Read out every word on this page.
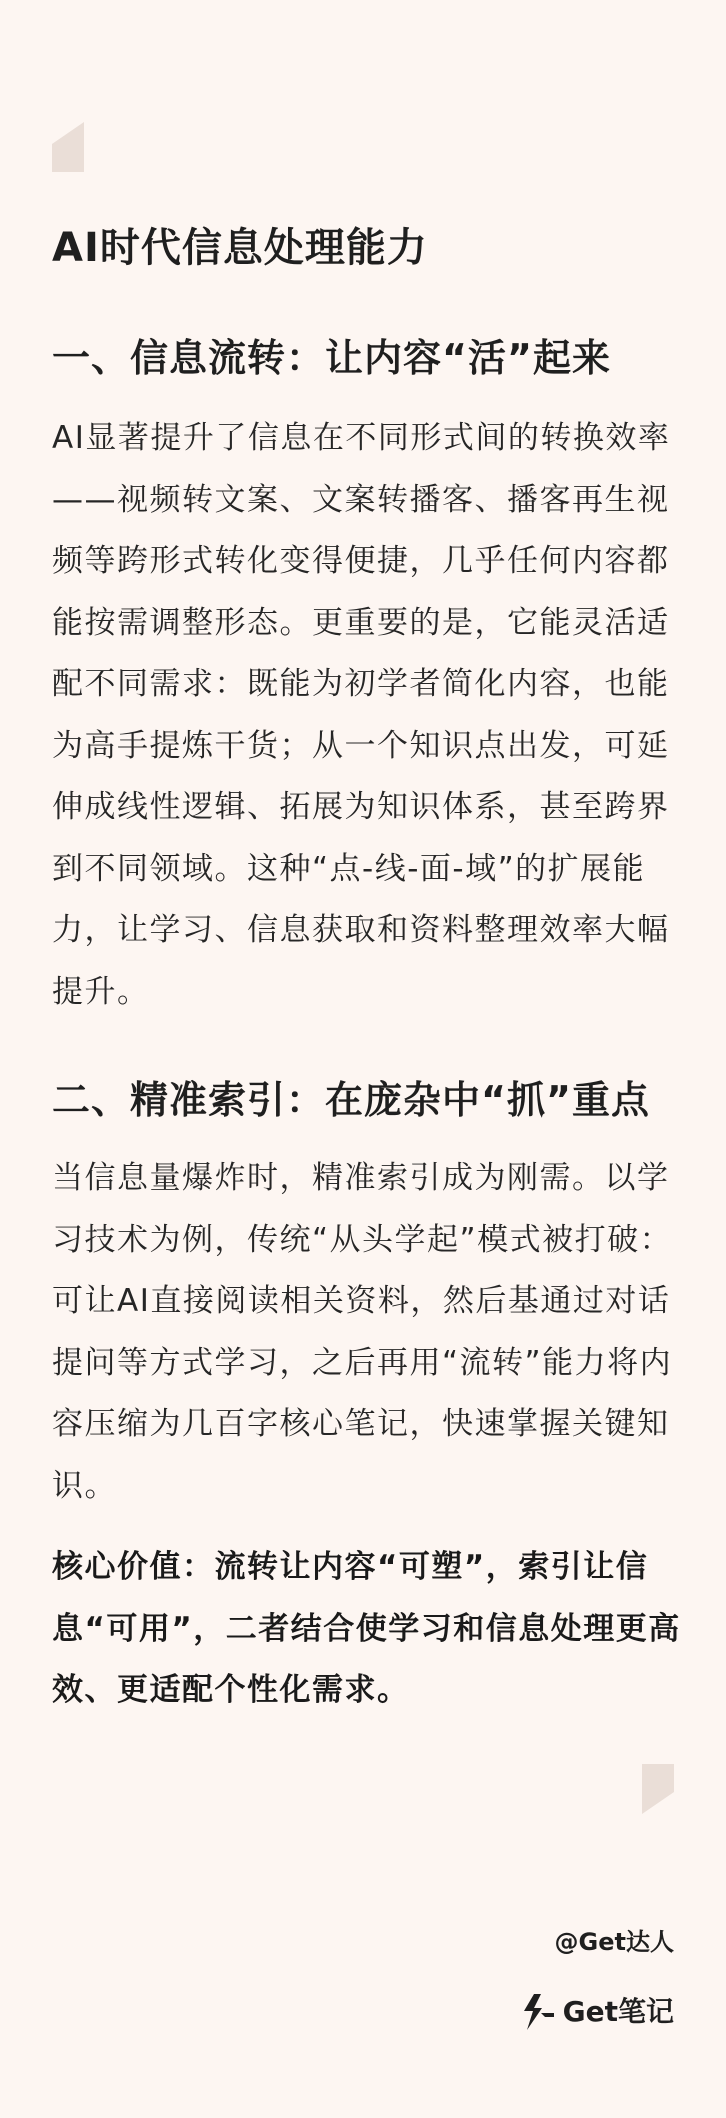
AI时代信息处理能力
一、信息流转：让内容“活”起来

AI显著提升了信息在不同形式间的转换效率——视频转文案、文案转播客、播客再生视频等跨形式转化变得便捷，几乎任何内容都能按需调整形态。更重要的是，它能灵活适配不同需求：既能为初学者简化内容，也能为高手提炼干货；从一个知识点出发，可延伸成线性逻辑、拓展为知识体系，甚至跨界到不同领域。这种“点-线-面-域”的扩展能力，让学习、信息获取和资料整理效率大幅提升。

二、精准索引：在庞杂中“抓”重点

当信息量爆炸时，精准索引成为刚需。以学习技术为例，传统“从头学起”模式被打破：可让AI直接阅读相关资料，然后基通过对话提问等方式学习，之后再用“流转”能力将内容压缩为几百字核心笔记，快速掌握关键知识。

核心价值：流转让内容“可塑”，索引让信息“可用”，二者结合使学习和信息处理更高效、更适配个性化需求。

@Get达人
Get笔记
